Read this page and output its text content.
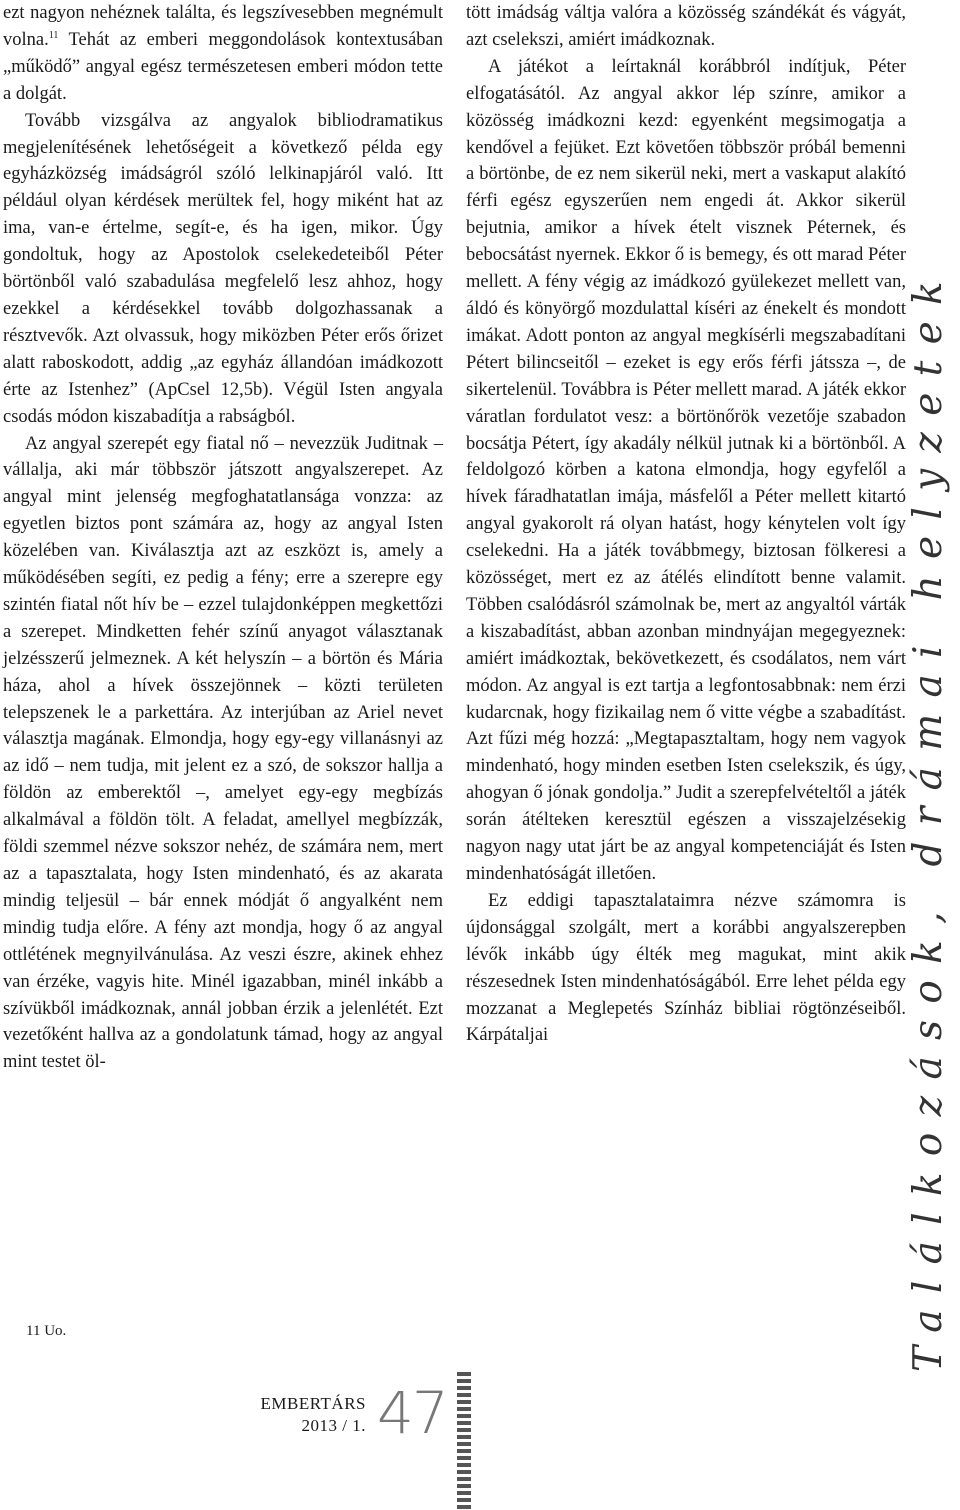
ezt nagyon nehéznek találta, és legszívesebben megnémult volna.$^{11}$ Tehát az emberi meggondolások kontextusában „működő” angyal egész természetesen emberi módon tette a dolgát.

Tovább vizsgálva az angyalok bibliodramatikus megjelenítésének lehetőségeit a következő példa egy egyházközség imádságról szóló lelkinapjáról való. Itt például olyan kérdések merültek fel, hogy miként hat az ima, van-e értelme, segít-e, és ha igen, mikor. Úgy gondoltuk, hogy az Apostolok cselekedeteiből Péter börtönből való szabadulása megfelelő lesz ahhoz, hogy ezekkel a kérdésekkel tovább dolgozhassanak a résztvevők. Azt olvassuk, hogy miközben Péter erős őrizet alatt raboskodott, addig „az egyház állandóan imádkozott érte az Istenhez” (ApCsel 12,5b). Végül Isten angyala csodás módon kiszabadítja a rabságból.

Az angyal szerepét egy fiatal nő – nevezzük Juditnak – vállalja, aki már többször játszott angyalszerepet. Az angyal mint jelenség megfoghatatlansága vonzza: az egyetlen biztos pont számára az, hogy az angyal Isten közelében van. Kiválasztja azt az eszközt is, amely a működésében segíti, ez pedig a fény; erre a szerepre egy szintén fiatal nőt hív be – ezzel tulajdonképpen megkettőzi a szerepet. Mindketten fehér színű anyagot választanak jelzésszerű jelmeznek. A két helyszín – a börtön és Mária háza, ahol a hívek összejönnek – közti területen telepszenek le a parkettára. Az interjúban az Ariel nevet választja magának. Elmondja, hogy egy-egy villanásnyi az az idő – nem tudja, mit jelent ez a szó, de sokszor hallja a földön az emberektől –, amelyet egy-egy megbízás alkalmával a földön tölt. A feladat, amellyel megbízzák, földi szemmel nézve sokszor nehéz, de számára nem, mert az a tapasztalata, hogy Isten mindenható, és az akarata mindig teljesül – bár ennek módját ő angyalként nem mindig tudja előre. A fény azt mondja, hogy ő az angyal ottlétének megnyilvánulása. Az veszi észre, akinek ehhez van érzéke, vagyis hite. Minél igazabban, minél inkább a szívükből imádkoznak, annál jobban érzik a jelenlétét. Ezt vezetőként hallva az a gondolatunk támad, hogy az angyal mint testet öl-

tött imádság váltja valóra a közösség szándékát és vágyát, azt cselekszi, amiért imádkoznak.

A játékot a leírtaknál korábbról indítjuk, Péter elfogatásától. Az angyal akkor lép színre, amikor a közösség imádkozni kezd: egyenként megsimogatja a kendővel a fejüket. Ezt követően többször próbál bemenni a börtönbe, de ez nem sikerül neki, mert a vaskaput alakító férfi egész egyszerűen nem engedi át. Akkor sikerül bejutnia, amikor a hívek ételt visznek Péternek, és bebocsátást nyernek. Ekkor ő is bemegy, és ott marad Péter mellett. A fény végig az imádkozó gyülekezet mellett van, áldó és könyörgő mozdulattal kíséri az énekelt és mondott imákat. Adott ponton az angyal megkísérli megszabadítani Pétert bilincseitől – ezeket is egy erős férfi játssza –, de sikertelenül. Továbbra is Péter mellett marad. A játék ekkor váratlan fordulatot vesz: a börtönőrök vezetője szabadon bocsátja Pétert, így akadály nélkül jutnak ki a börtönből. A feldolgozó körben a katona elmondja, hogy egyfelől a hívek fáradhatatlan imája, másfelől a Péter mellett kitartó angyal gyakorolt rá olyan hatást, hogy kénytelen volt így cselekedni. Ha a játék továbbmegy, biztosan fölkeresi a közösséget, mert ez az átélés elindított benne valamit. Többen csalódásról számolnak be, mert az angyaltól várták a kiszabadítást, abban azonban mindnyájan megegyeznek: amiért imádkoztak, bekövetkezett, és csodálatos, nem várt módon. Az angyal is ezt tartja a legfontosabbnak: nem érzi kudarcnak, hogy fizikailag nem ő vitte végbe a szabadítást. Azt fűzi még hozzá: „Megtapasztaltam, hogy nem vagyok mindenható, hogy minden esetben Isten cselekszik, és úgy, ahogyan ő jónak gondolja.” Judit a szerepfelvételtől a játék során átélteken keresztül egészen a visszajelzésekig nagyon nagy utat járt be az angyal kompetenciáját és Isten mindenhatóságát illetően.

Ez eddigi tapasztalataimra nézve számomra is újdonsággal szolgált, mert a korábbi angyalszerepben lévők inkább úgy élték meg magukat, mint akik részesednek Isten mindenhatóságából. Erre lehet példa egy mozzanat a Meglepetés Színház bibliai rögtönzéseiből. Kárpátaljai

11 Uo.	Találkozások, drámai helyzetek
EMBERTÁRS
2013 / 1. 47
